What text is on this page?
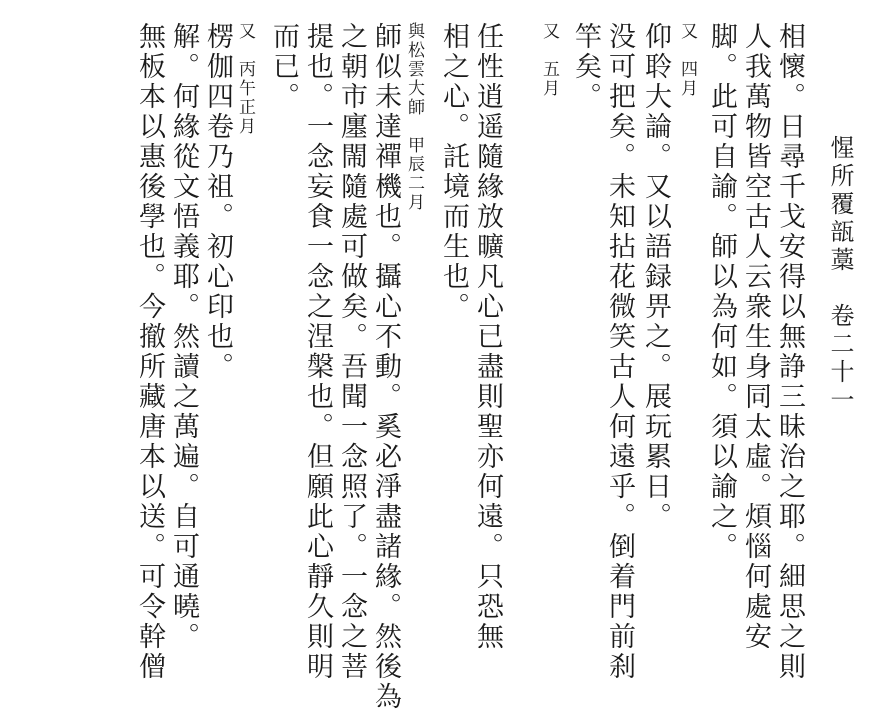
惺所覆瓿藁　卷二十一
相懷。日尋千戈安得以無諍三昧治之耶。細思之則
人我萬物皆空古人云衆生身同太虛。煩惱何處安
脚。此可自諭。師以為何如。須以諭之。
又　四月
仰聆大論。又以語録畀之。展玩累日。
没可把矣。未知拈花微笑古人何遠乎。倒着門前刹
竿矣。
又　五月
任性逍遥隨緣放曠凡心已盡則聖亦何遠。只恐無
相之心。託境而生也。
與松雲大師　甲辰二月
師似未達禪機也。攝心不動。奚必淨盡諸緣。然後為
之朝市廛閙隨處可做矣。吾聞一念照了。一念之菩
提也。一念妄食一念之涅槃也。但願此心靜久則明
而已。
又　丙午正月
楞伽四卷乃祖。初心印也。
解。何緣從文悟義耶。然讀之萬遍。自可通曉。
無板本以惠後學也。今撤所藏唐本以送。可令幹僧
